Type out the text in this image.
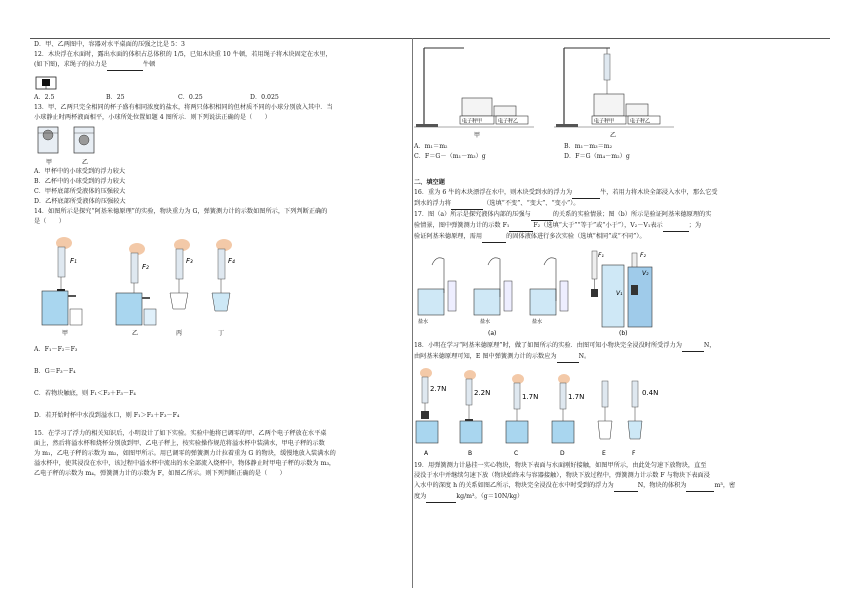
D．甲、乙两图中，容器对水平桌面的压强之比是 5：3

12．木块浮在水面时，露出水面的体积占总体积的 1/5，已知木块重 10 牛顿，若用绳子将木块固定在水里，

(如下图)，求绳子的拉力是	牛顿

A．2.5	B．25	C．0.25	D．0.025

13．甲、乙两只完全相同的杯子盛有相同浓度的盐水，将两只体积相同的但材质不同的小球分别放入其中．当

小球静止时两杯液面相平，小球所处位置如题 4 图所示．则下列说法正确的是（　　）

甲	乙

A．甲杯中的小球受到的浮力较大

B．乙杯中的小球受到的浮力较大

C．甲杯底部所受液体的压强较大

D．乙杯底部所受液体的压强较大

14．如图所示是探究“阿基米德原理”的实验，物块重力为 G，弹簧测力计的示数如图所示，下列判断正确的

是（　　）

F₁
甲
F₂
乙
F₃
丙
F₄
丁

A．F₁－F₂＝F₃

B．G＝F₃－F₄

C．若物块触底，则 F₁＜F₂＋F₃－F₄

D．若开始时杯中水没到溢水口，则 F₁＞F₂＋F₃－F₄

15．在学习了浮力的相关知识后，小明设计了如下实验。实验中他将已调零的甲、乙两个电子秤放在水平桌

面上，然后将溢水杯和烧杯分别放到甲、乙电子秤上，按实验操作规范将溢水杯中装满水，甲电子秤的示数

为 m₁，乙电子秤的示数为 m₂，如图甲所示。用已调零的弹簧测力计拉着重为 G 的物块，缓慢地放入装满水的

溢水杯中，使其浸没在水中，该过程中溢水杯中流出的水全部流入烧杯中，物体静止时甲电子秤的示数为 m₃，

乙电子秤的示数为 m₄，弹簧测力计的示数为 F，如图乙所示。则下列判断正确的是（　　）

电子秤甲	电子秤乙
甲
电子秤甲	电子秤乙
乙
A．m₁＝m₂	B．m₁－m₃＝m₂
C．F＝G－（m₁－m₃）g	D．F＝G（m₄－m₂）g

二、填空题

16．重为 6 牛的木块漂浮在水中，则木块受到水的浮力为	牛，若用力将木块全部浸入水中，那么它受

到水的浮力将	（选填“不变”、“变大”、“变小”）。

17．图（a）所示是探究液体内部的压强与	的关系的实验情景；图（b）所示是验证阿基米德原理的实

验情景，图中弹簧测力计的示数 F₁	F₂（选填“大于”“等于”或“小于”），V₂－V₁表示	；为

验证阿基米德原理，需用	的固体液体进行多次实验（选填“相同”或“不同”）。

盐水	盐水	盐水
(a)
F₁	F₂
V₁
V₂
(b)

18．小明在学习“阿基米德原理”时，做了如图所示的实验．由图可知小物块完全浸没时所受浮力为	N，

由阿基米德原理可知，E 图中弹簧测力计的示数应为	N。

2.7N
A
2.2N
B
1.7N
C
1.7N
D	E
0.4N
F

19．用弹簧测力计悬挂一实心物块，物块下表面与水面刚好接触，如图甲所示，由此处匀速下放物块，直至

浸没于水中并继续匀速下放（物块始终未与容器接触），物块下放过程中，弹簧测力计示数 F 与物块下表面浸

入水中的深度 h 的关系如图乙所示，物块完全浸没在水中时受到的浮力为	N，物块的体积为	m³，密

度为	kg/m³。（g＝10N/kg）
